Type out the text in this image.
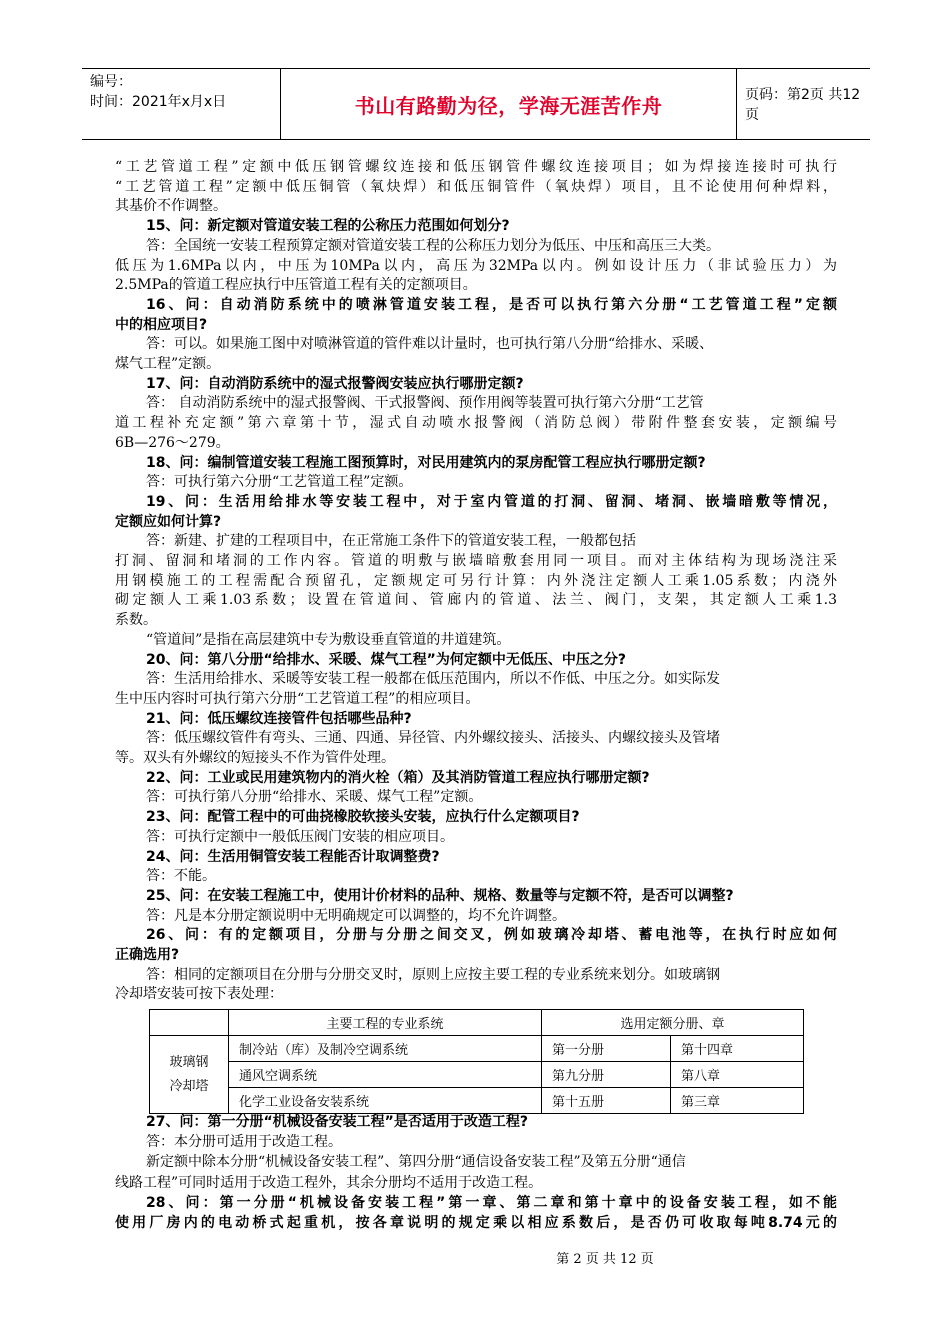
编号：
时间：2021年x月x日	书山有路勤为径，学海无涯苦作舟	页码：第2页 共12页
“工艺管道工程”定额中低压钢管螺纹连接和低压钢管件螺纹连接项目；如为焊接连接时可执行
“工艺管道工程”定额中低压铜管（氧炔焊）和低压铜管件（氧炔焊）项目，且不论使用何种焊料，
其基价不作调整。
15、问：新定额对管道安装工程的公称压力范围如何划分?
答：全国统一安装工程预算定额对管道安装工程的公称压力划分为低压、中压和高压三大类。
低压为1.6MPa以内，中压为10MPa以内，高压为32MPa以内。例如设计压力（非试验压力）为
2.5MPa的管道工程应执行中压管道工程有关的定额项目。
16、问：自动消防系统中的喷淋管道安装工程，是否可以执行第六分册“工艺管道工程”定额
中的相应项目?
答：可以。如果施工图中对喷淋管道的管件难以计量时，也可执行第八分册“给排水、采暖、
煤气工程”定额。
17、问：自动消防系统中的湿式报警阀安装应执行哪册定额?
答： 自动消防系统中的湿式报警阀、干式报警阀、预作用阀等装置可执行第六分册“工艺管
道工程补充定额”第六章第十节，湿式自动喷水报警阀（消防总阀）带附件整套安装，定额编号
6B—276～279。
18、问：编制管道安装工程施工图预算时，对民用建筑内的泵房配管工程应执行哪册定额?
答：可执行第六分册“工艺管道工程”定额。
19、问：生活用给排水等安装工程中，对于室内管道的打洞、留洞、堵洞、嵌墙暗敷等情况，
定额应如何计算?
答：新建、扩建的工程项目中，在正常施工条件下的管道安装工程，一般都包括
打洞、留洞和堵洞的工作内容。管道的明敷与嵌墙暗敷套用同一项目。而对主体结构为现场浇注采
用钢模施工的工程需配合预留孔，定额规定可另行计算：内外浇注定额人工乘1.05系数；内浇外
砌定额人工乘1.03系数；设置在管道间、管廊内的管道、法兰、阀门，支架，其定额人工乘1.3
系数。
“管道间”是指在高层建筑中专为敷设垂直管道的井道建筑。
20、问：第八分册“给排水、采暖、煤气工程”为何定额中无低压、中压之分?
答：生活用给排水、采暖等安装工程一般都在低压范围内，所以不作低、中压之分。如实际发
生中压内容时可执行第六分册“工艺管道工程”的相应项目。
21、问：低压螺纹连接管件包括哪些品种?
答：低压螺纹管件有弯头、三通、四通、异径管、内外螺纹接头、活接头、内螺纹接头及管堵
等。双头有外螺纹的短接头不作为管件处理。
22、问：工业或民用建筑物内的消火栓（箱）及其消防管道工程应执行哪册定额?
答：可执行第八分册“给排水、采暖、煤气工程”定额。
23、问：配管工程中的可曲挠橡胶软接头安装，应执行什么定额项目?
答：可执行定额中一般低压阀门安装的相应项目。
24、问：生活用铜管安装工程能否计取调整费?
答：不能。
25、问：在安装工程施工中，使用计价材料的品种、规格、数量等与定额不符，是否可以调整?
答：凡是本分册定额说明中无明确规定可以调整的，均不允许调整。
26、问：有的定额项目，分册与分册之间交叉，例如玻璃冷却塔、蓄电池等，在执行时应如何
正确选用?
答：相同的定额项目在分册与分册交叉时，原则上应按主要工程的专业系统来划分。如玻璃钢
冷却塔安装可按下表处理：
27、问：第一分册“机械设备安装工程”是否适用于改造工程?
答：本分册可适用于改造工程。
新定额中除本分册“机械设备安装工程”、第四分册“通信设备安装工程”及第五分册“通信
线路工程”可同时适用于改造工程外，其余分册均不适用于改造工程。
28、问：第一分册“机械设备安装工程”第一章、第二章和第十章中的设备安装工程，如不能
使用厂房内的电动桥式起重机，按各章说明的规定乘以相应系数后，是否仍可收取每吨8.74元的
	主要工程的专业系统	选用定额分册、章	
玻璃钢冷却塔	制冷站（库）及制冷空调系统	第一分册	第十四章
	通风空调系统	第九分册	第八章
	化学工业设备安装系统	第十五册	第三章
第 2 页 共 12 页
